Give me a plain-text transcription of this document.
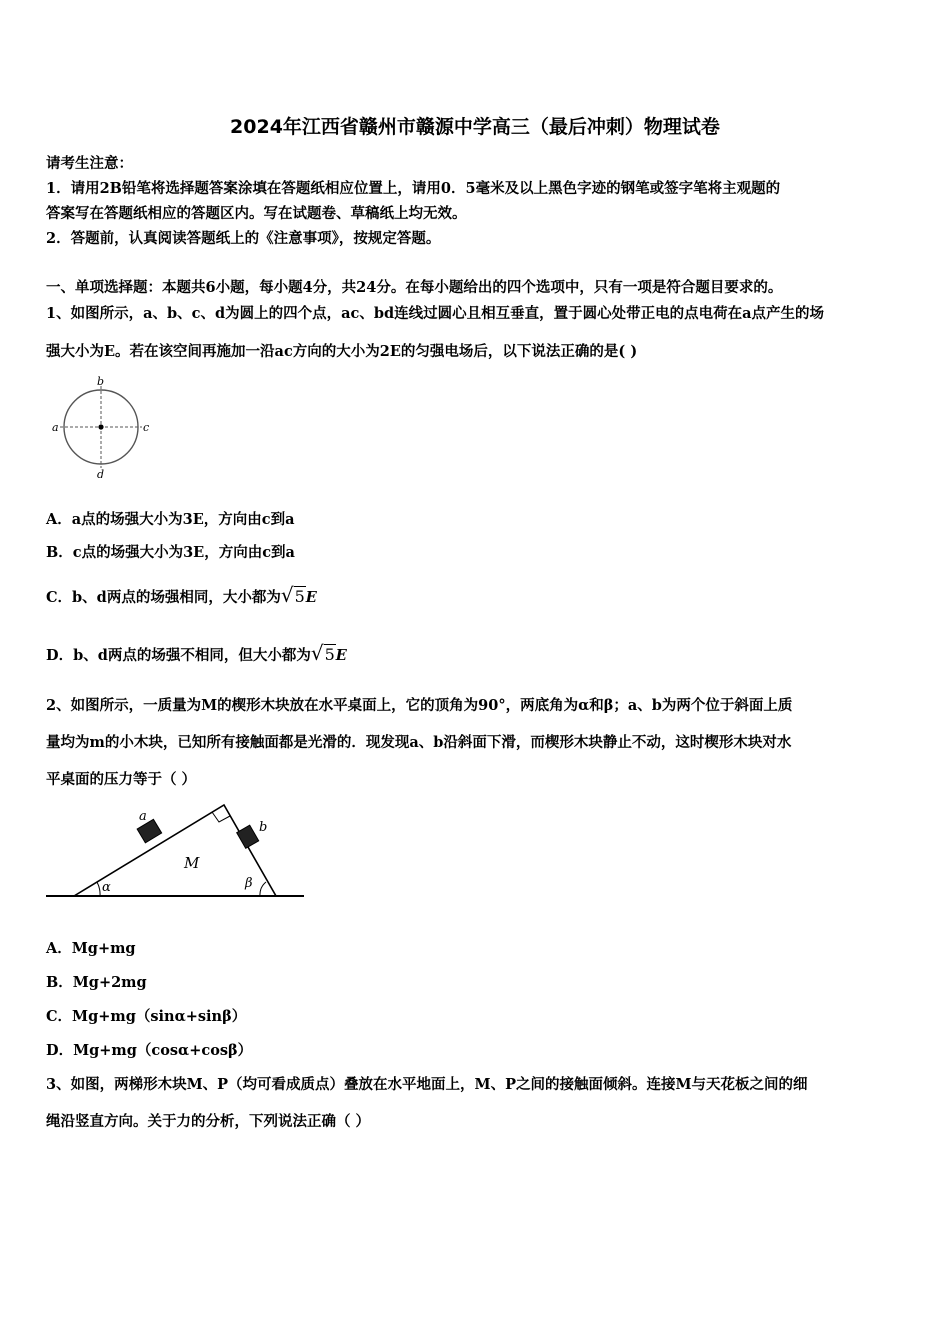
2024年江西省赣州市赣源中学高三（最后冲刺）物理试卷
请考生注意：
1．请用2B铅笔将选择题答案涂填在答题纸相应位置上，请用0．5毫米及以上黑色字迹的钢笔或签字笔将主观题的
答案写在答题纸相应的答题区内。写在试题卷、草稿纸上均无效。
2．答题前，认真阅读答题纸上的《注意事项》，按规定答题。
一、单项选择题：本题共6小题，每小题4分，共24分。在每小题给出的四个选项中，只有一项是符合题目要求的。
1、如图所示，a、b、c、d为圆上的四个点，ac、bd连线过圆心且相互垂直，置于圆心处带正电的点电荷在a点产生的场
强大小为E。若在该空间再施加一沿ac方向的大小为2E的匀强电场后，以下说法正确的是( )
b
a	c
d
A．a点的场强大小为3E，方向由c到a
B．c点的场强大小为3E，方向由c到a
C．b、d两点的场强相同，大小都为√5E
D．b、d两点的场强不相同，但大小都为√5E
2、如图所示，一质量为M的楔形木块放在水平桌面上，它的顶角为90°，两底角为α和β；a、b为两个位于斜面上质
量均为m的小木块，已知所有接触面都是光滑的．现发现a、b沿斜面下滑，而楔形木块静止不动，这时楔形木块对水
平桌面的压力等于（ ）
a
b
M
α	β
A．Mg+mg
B．Mg+2mg
C．Mg+mg（sinα+sinβ）
D．Mg+mg（cosα+cosβ）
3、如图，两梯形木块M、P（均可看成质点）叠放在水平地面上，M、P之间的接触面倾斜。连接M与天花板之间的细
绳沿竖直方向。关于力的分析，下列说法正确（ ）
